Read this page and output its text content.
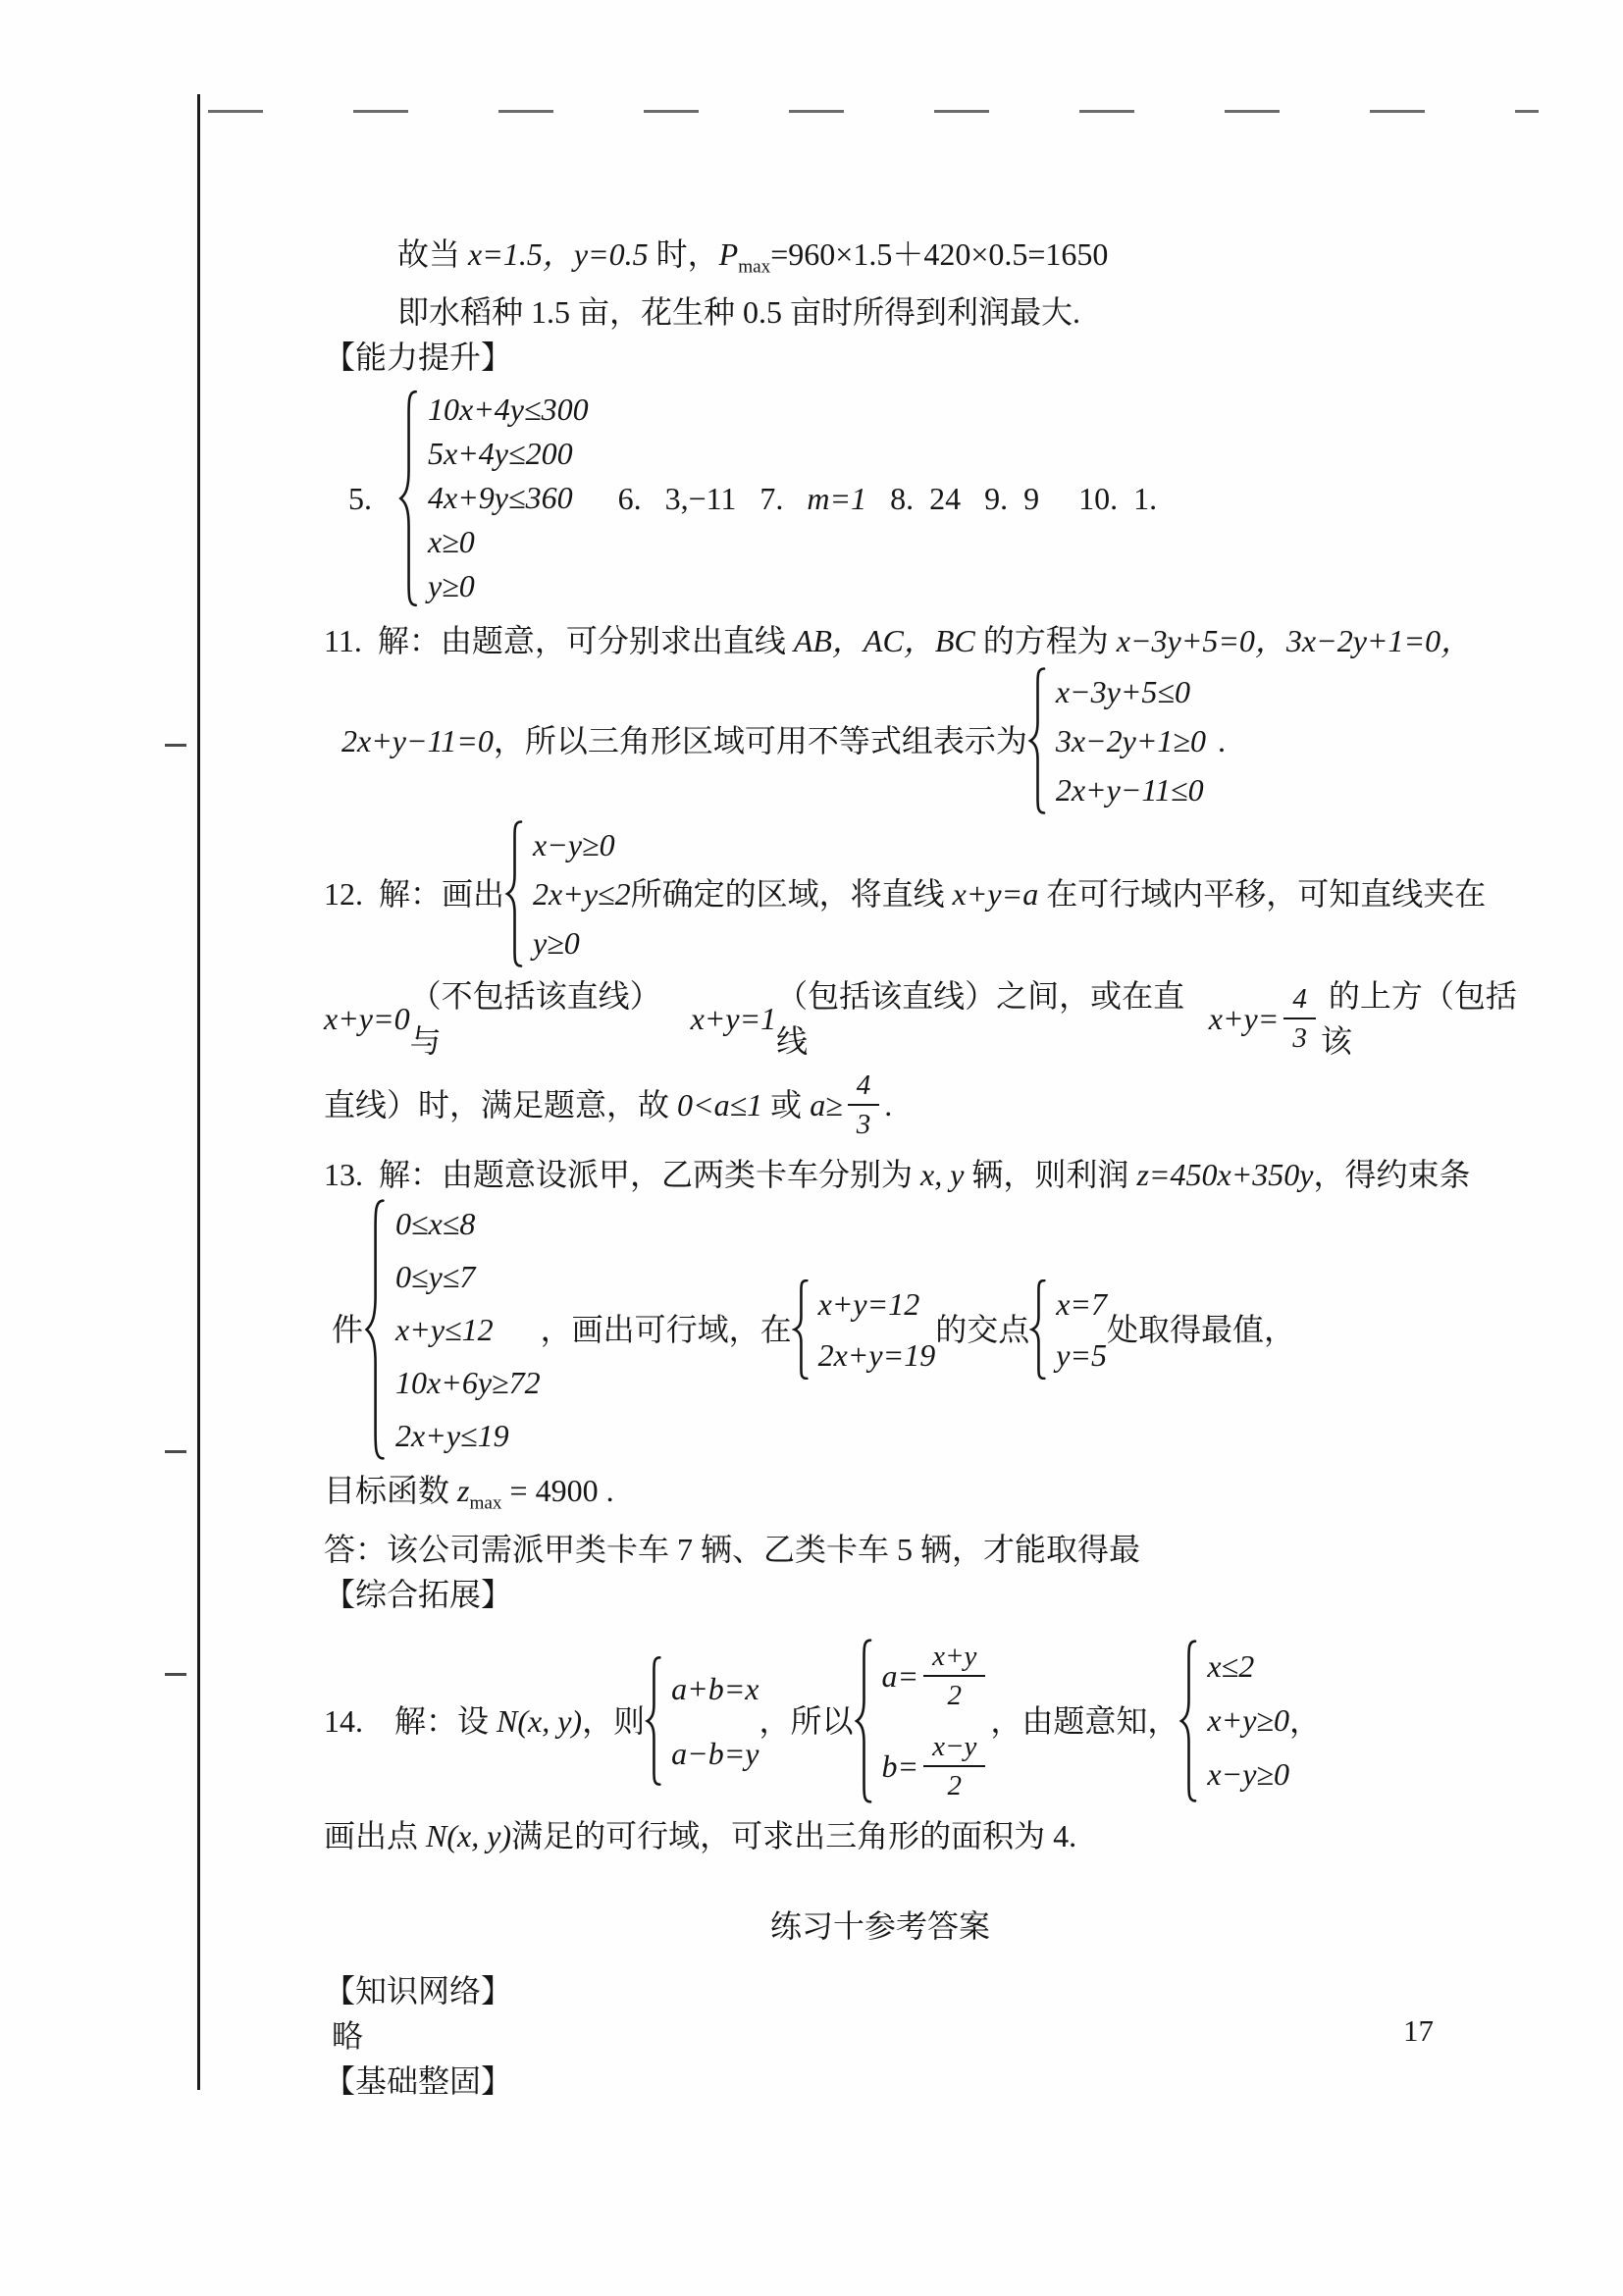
故当 x=1.5，y=0.5 时，$P_{max}=960\times 1.5+420\times 0.5=1650$

即水稻种 1.5 亩，花生种 0.5 亩时所得到利润最大.

【能力提升】

5.
10x+4y≤300
5x+4y≤200
4x+9y≤360
x≥0
y≥0
6.   3,−11   7.   m=1   8.  24   9.  9     10.  1.

11.  解：由题意，可分别求出直线 AB，AC，BC 的方程为 x−3y+5=0，3x−2y+1=0，

2x+y−11=0 ，所以三角形区域可用不等式组表示为
x−3y+5≤0
3x−2y+1≥0
2x+y−11≤0
.
12.  解：画出
x−y≥0
2x+y≤2
y≥0
所确定的区域，将直线 x+y=a 在可行域内平移，可知直线夹在
x+y=0
（不包括该直线）与
x+y=1
（包括该直线）之间，或在直线
$x+y= \frac{4}{3}$ 的上方（包括该
直线）时，满足题意，故 0<a≤1 或 $a\ge \frac{4}{3}$ .

13.  解：由题意设派甲，乙两类卡车分别为 x, y 辆，则利润 z=450x+350y，得约束条

件
0≤x≤8
0≤y≤7
x+y≤12
10x+6y≥72
2x+y≤19
，画出可行域，在
x+y=12
2x+y=19
的交点
x=7
y=5
处取得最值，

目标函数 $z_{max} = 4900$ .

答：该公司需派甲类卡车 7 辆、乙类卡车 5 辆，才能取得最

【综合拓展】

14.　解：设 N(x, y) ，则
a+b=x
a−b=y
，所以
$a= \frac{x+y}{2}$
$b= \frac{x-y}{2}$
，由题意知，
x≤2
x+y≥0
x−y≥0
，

画出点 N(x, y)满足的可行域，可求出三角形的面积为 4.

练习十参考答案

【知识网络】

略

【基础整固】

17
